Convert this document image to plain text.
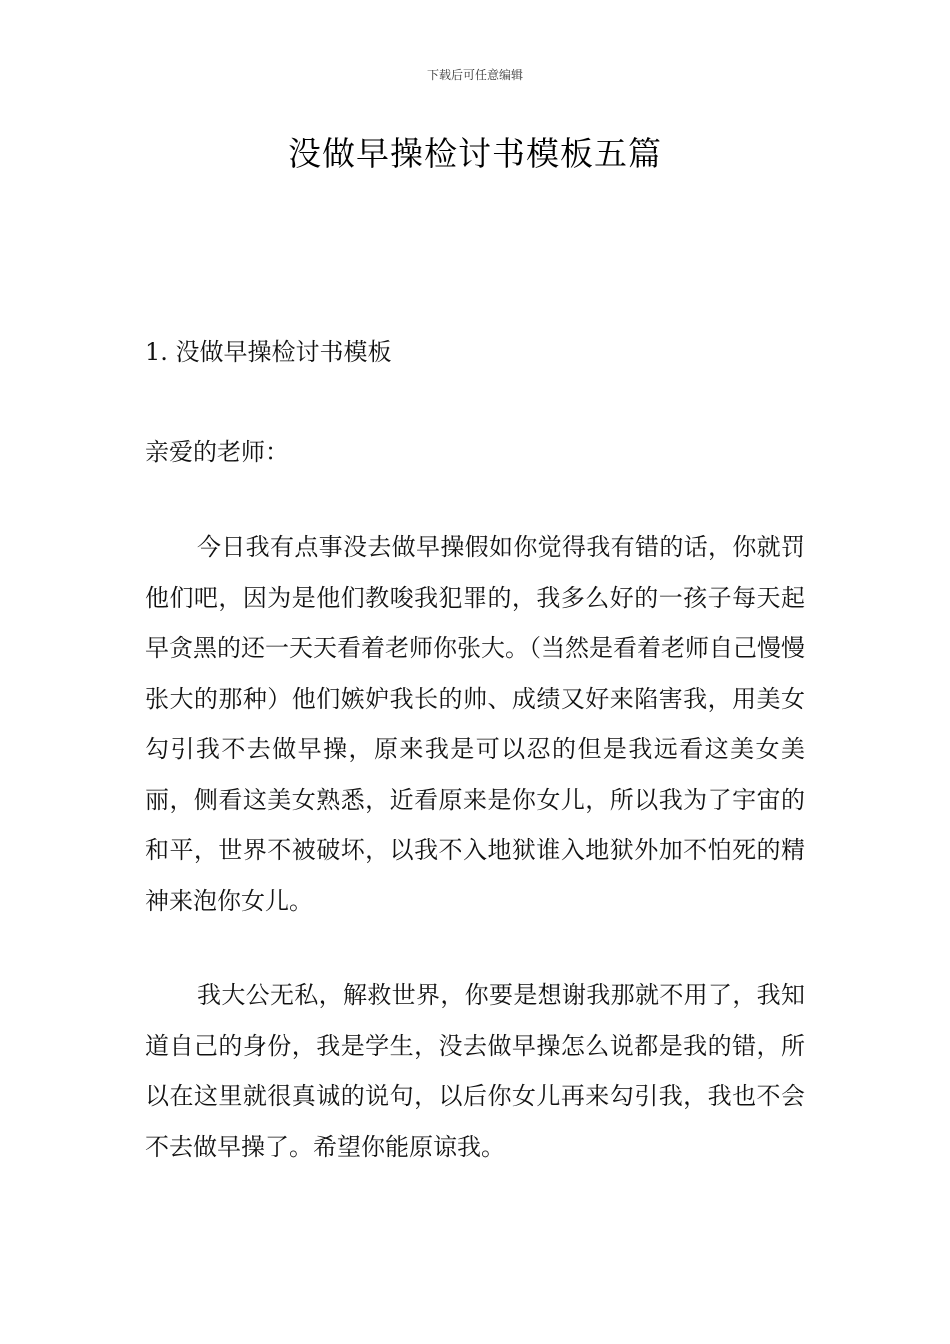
下载后可任意编辑
没做早操检讨书模板五篇
1. 没做早操检讨书模板

亲爱的老师：

今日我有点事没去做早操假如你觉得我有错的话，你就罚他们吧，因为是他们教唆我犯罪的，我多么好的一孩子每天起早贪黑的还一天天看着老师你张大。（当然是看着老师自己慢慢张大的那种）他们嫉妒我长的帅、成绩又好来陷害我，用美女勾引我不去做早操，原来我是可以忍的但是我远看这美女美丽，侧看这美女熟悉，近看原来是你女儿，所以我为了宇宙的和平，世界不被破坏，以我不入地狱谁入地狱外加不怕死的精神来泡你女儿。

我大公无私，解救世界，你要是想谢我那就不用了，我知道自己的身份，我是学生，没去做早操怎么说都是我的错，所以在这里就很真诚的说句，以后你女儿再来勾引我，我也不会不去做早操了。希望你能原谅我。
